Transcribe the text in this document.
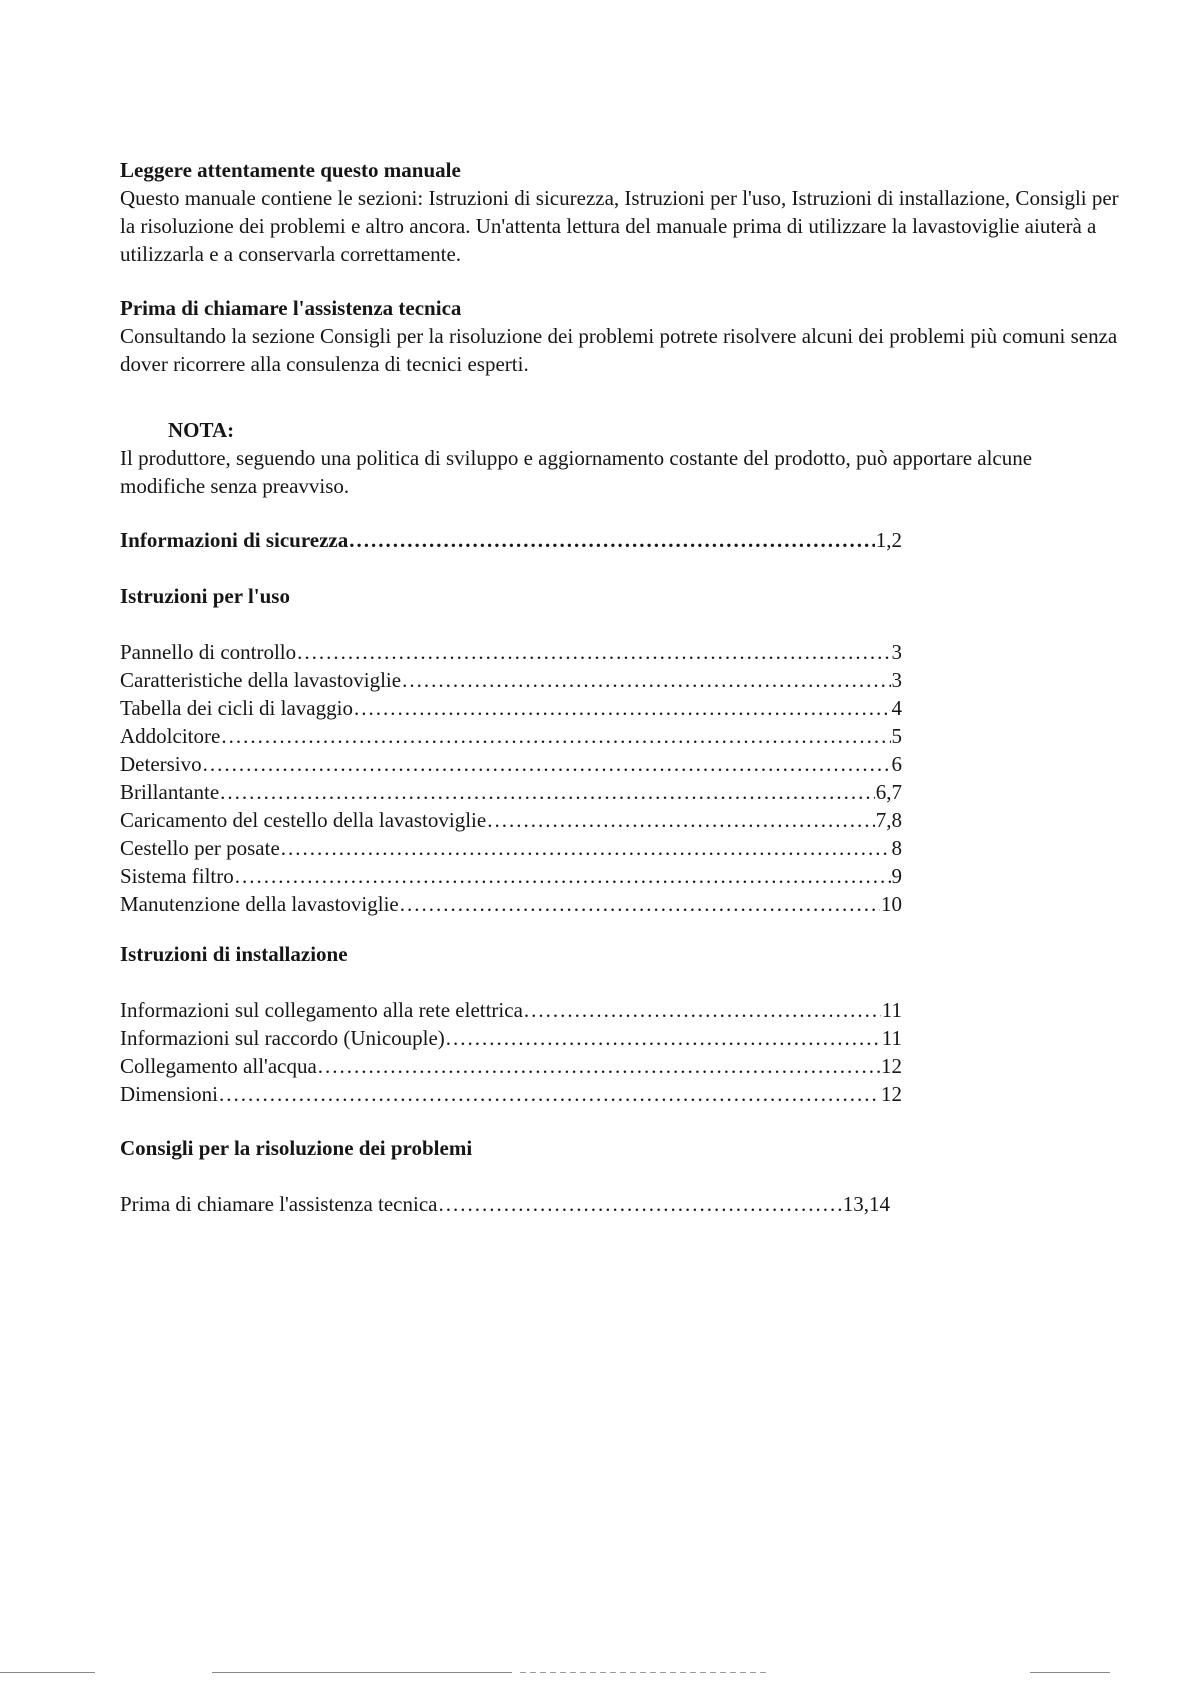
Leggere attentamente questo manuale

Questo manuale contiene le sezioni: Istruzioni di sicurezza, Istruzioni per l'uso, Istruzioni di installazione, Consigli per la risoluzione dei problemi e altro ancora. Un'attenta lettura del manuale prima di utilizzare la lavastoviglie aiuterà a utilizzarla e a conservarla correttamente.

Prima di chiamare l'assistenza tecnica

Consultando la sezione Consigli per la risoluzione dei problemi potrete risolvere alcuni dei problemi più comuni senza dover ricorrere alla consulenza di tecnici esperti.

NOTA:

Il produttore, seguendo una politica di sviluppo e aggiornamento costante del prodotto, può apportare alcune modifiche senza preavviso.

Informazioni di sicurezza .....	1,2

Istruzioni per l'uso

Pannello di controllo .....	3
Caratteristiche della lavastoviglie .....	3
Tabella dei cicli di lavaggio .....	4
Addolcitore .....	5
Detersivo .....	6
Brillantante .....	6,7
Caricamento del cestello della lavastoviglie .....	7,8
Cestello per posate .....	8
Sistema filtro .....	9
Manutenzione della lavastoviglie .....	10

Istruzioni di installazione

Informazioni sul collegamento alla rete elettrica .....	11
Informazioni sul raccordo (Unicouple) .....	11
Collegamento all'acqua .....	12
Dimensioni .....	12

Consigli per la risoluzione dei problemi

Prima di chiamare l'assistenza tecnica .....	13,14
